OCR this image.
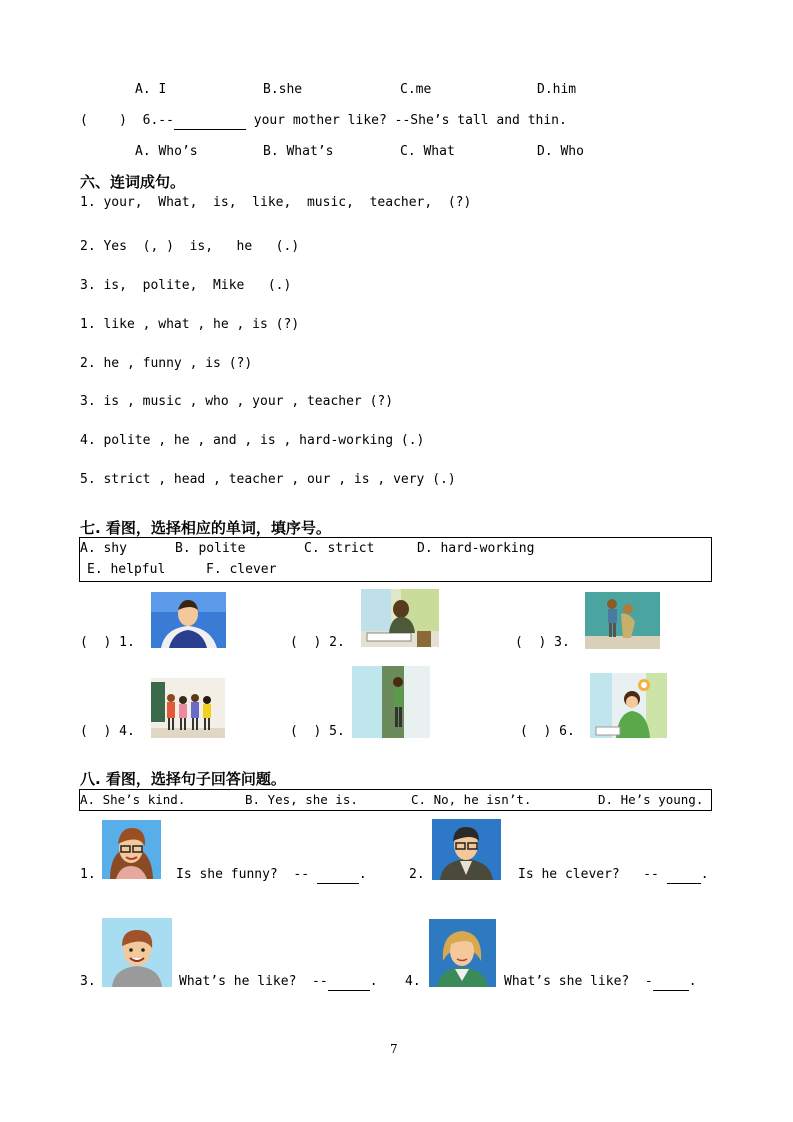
A. I	B.she	C.me	D.him
(    ) 6.--	your mother like? --She’s tall and thin.
A. Who’s	B. What’s	C. What	D. Who
六、连词成句。
1. your,  What,  is,  like,  music,  teacher,  (?)
2. Yes  (, )  is,   he   (.)
3. is,  polite,  Mike   (.)
1. like , what , he , is (?)
2. he , funny , is (?)
3. is , music , who , your , teacher (?)
4. polite , he , and , is , hard-working (.)
5. strict , head , teacher , our , is , very (.)
七. 看图，选择相应的单词，填序号。
A. shy	B. polite	C. strict	D. hard-working
E. helpful	F. clever
(  ) 1.	(  ) 2.	(  ) 3.
(  ) 4.	(  ) 5.	(  ) 6.
八. 看图，选择句子回答问题。
A. She’s kind.	B. Yes, she is.	C. No, he isn’t.	D. He’s young.
1.	Is she funny?  --	.	2.	Is he clever?   --	.
3.	What’s he like?  --	. 4.	What’s she like?  -	.
7
